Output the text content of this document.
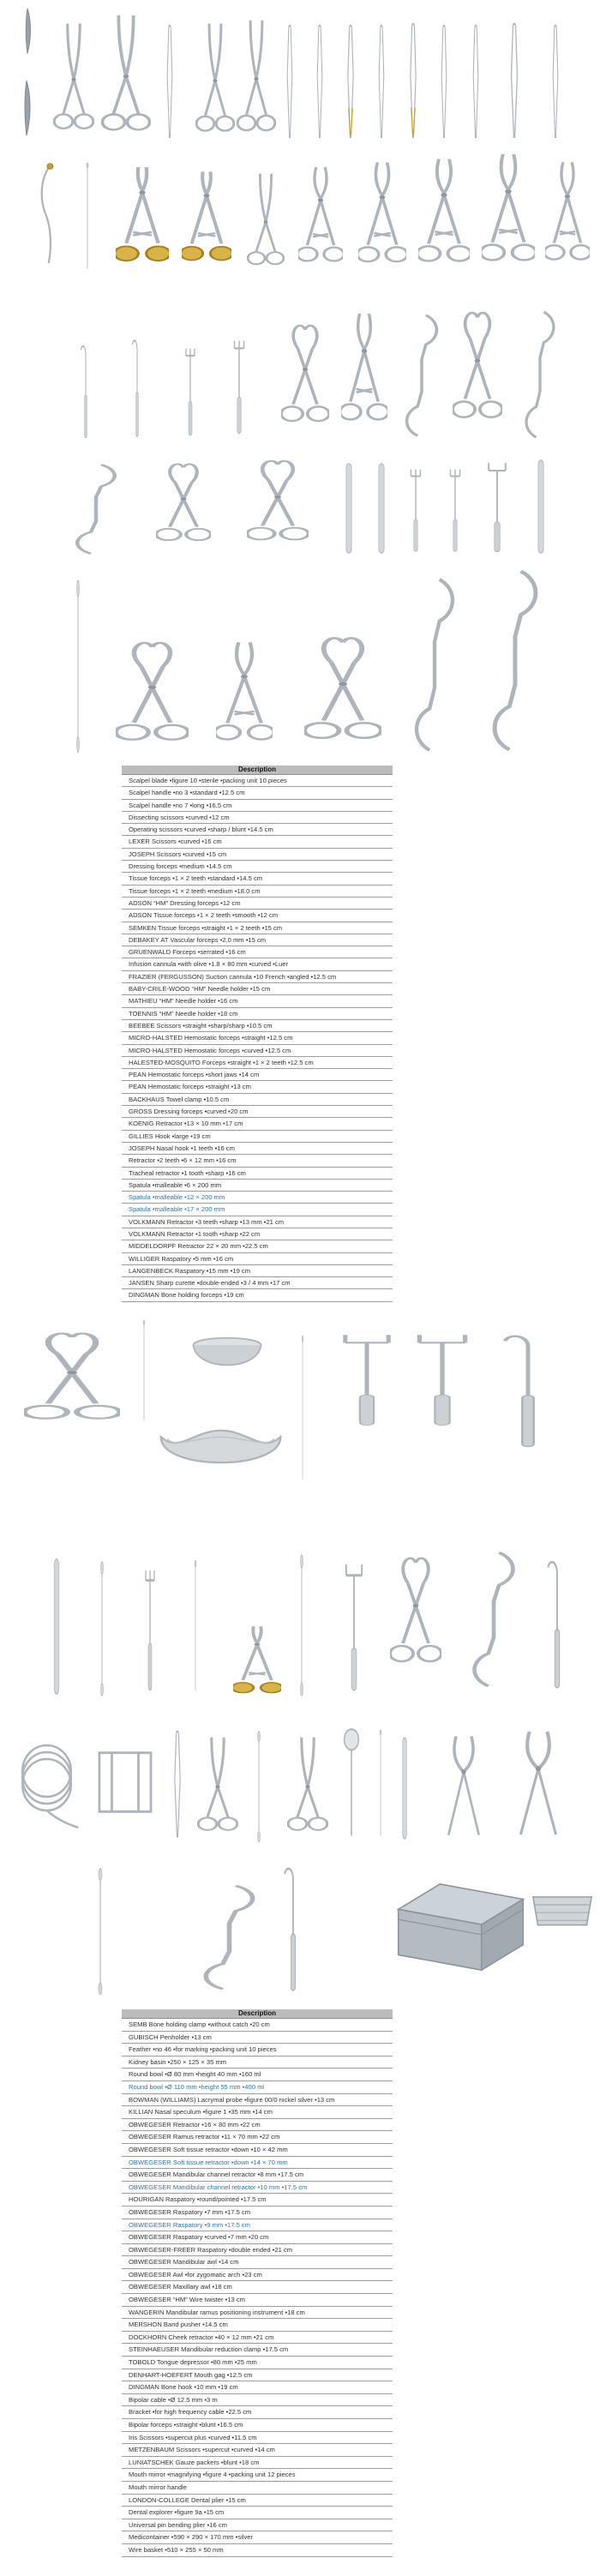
Description
Scalpel blade •figure 10 •sterile •packing unit 10 pieces
Scalpel handle •no 3 •standard •12.5 cm
Scalpel handle •no 7 •long •16.5 cm
Dissecting scissors •curved •12 cm
Operating scissors •curved •sharp / blunt •14.5 cm
LEXER Scissors •curved •16 cm
JOSEPH Scissors •curved •15 cm
Dressing forceps •medium •14.5 cm
Tissue forceps •1 × 2 teeth •standard •14.5 cm
Tissue forceps •1 × 2 teeth •medium •18.0 cm
ADSON “HM” Dressing forceps •12 cm
ADSON Tissue forceps •1 × 2 teeth •smooth •12 cm
SEMKEN Tissue forceps •straight •1 × 2 teeth •15 cm
DEBAKEY AT Vascular forceps •2.0 mm •15 cm
GRUENWALD Forceps •serrated •16 cm
Infusion cannula •with olive •1.8 × 80 mm •curved •Luer
FRAZIER (FERGUSSON) Suction cannula •10 French •angled •12.5 cm
BABY-CRILE-WOOD “HM” Needle holder •15 cm
MATHIEU “HM” Needle holder •16 cm
TOENNIS “HM” Needle holder •18 cm
BEEBEE Scissors •straight •sharp/sharp •10.5 cm
MICRO-HALSTED Hemostatic forceps •straight •12.5 cm
MICRO-HALSTED Hemostatic forceps •curved •12.5 cm
HALESTED-MOSQUITO Forceps •straight •1 × 2 teeth •12.5 cm
PEAN Hemostatic forceps •short jaws •14 cm
PEAN Hemostatic forceps •straight •13 cm
BACKHAUS Towel clamp •10.5 cm
GROSS Dressing forceps •curved •20 cm
KOENIG Retractor •13 × 10 mm •17 cm
GILLIES Hook •large •19 cm
JOSEPH Nasal hook •1 teeth •16 cm
Retractor •2 teeth •6 × 12 mm •16 cm
Tracheal retractor •1 tooth •sharp •16 cm
Spatula •malleable •6 × 200 mm
Spatula •malleable •12 × 200 mm
Spatula •malleable •17 × 200 mm
VOLKMANN Retractor •3 teeth •sharp •13 mm •21 cm
VOLKMANN Retractor •1 tooth •sharp •22 cm
MIDDELDORPF Retractor 22 × 20 mm •22.5 cm
WILLIGER Raspatory •5 mm •16 cm
LANGENBECK Raspatory •15 mm •19 cm
JANSEN Sharp curette •double-ended •3 / 4 mm •17 cm
DINGMAN Bone holding forceps •19 cm
Description
SEMB Bone holding clamp •without catch •20 cm
GUBISCH Penholder •13 cm
Feather •no 46 •for marking •packing unit 10 pieces
Kidney basin •250 × 125 × 35 mm
Round bowl •Ø 80 mm •height 40 mm •160 ml
Round bowl •Ø 110 mm •height 55 mm •400 ml
BOWMAN (WILLIAMS) Lacrymal probe •figure 00/0 nickel silver •13 cm
KILLIAN Nasal speculum •figure 1 •35 mm •14 cm
OBWEGESER Retractor •16 × 80 mm •22 cm
OBWEGESER Ramus retractor •11 × 70 mm •22 cm
OBWEGESER Soft tissue retractor •down •10 × 42 mm
OBWEGESER Soft tissue retractor •down •14 × 70 mm
OBWEGESER Mandibular channel retractor •8 mm •17.5 cm
OBWEGESER Mandibular channel retractor •10 mm •17.5 cm
HOURIGAN Raspatory •round/pointed •17.5 cm
OBWEGESER Raspatory •7 mm •17.5 cm
OBWEGESER Raspatory •9 mm •17.5 cm
OBWEGESER Raspatory •curved •7 mm •20 cm
OBWEGESER-FREER Raspatory •double ended •21 cm
OBWEGESER Mandibular awl •14 cm
OBWEGESER Awl •for zygomatic arch •23 cm
OBWEGESER Maxillary awl •18 cm
OBWEGESER “HM” Wire twister •13 cm
WANGERIN Mandibular ramus positioning instrument •18 cm
MERSHON Band pusher •14.5 cm
DOCKHORN Cheek retractor •40 × 12 mm •21 cm
STEINHAEUSER Mandibular reduction clamp •17.5 cm
TOBOLD Tongue depressor •80 mm •25 mm
DENHART-HOEFERT Mouth gag •12.5 cm
DINGMAN Bone hook •10 mm •19 cm
Bipolar cable •Ø 12.5 mm •3 m
Bracket •for high frequency cable •22.5 cm
Bipolar forceps •straight •blunt •16.5 cm
Iris Scissors •supercut plus •curved •11.5 cm
METZENBAUM Scissors •supercut •curved •14 cm
LUNIATSCHEK Gauze packers •blunt •18 cm
Mouth mirror •magnifying •figure 4 •packing unit 12 pieces
Mouth mirror handle
LONDON-COLLEGE Dental plier •15 cm
Dental explorer •figure 9a •15 cm
Universal pin bending plier •16 cm
Medicontainer •590 × 290 × 170 mm •silver
Wire basket •510 × 255 × 50 mm
